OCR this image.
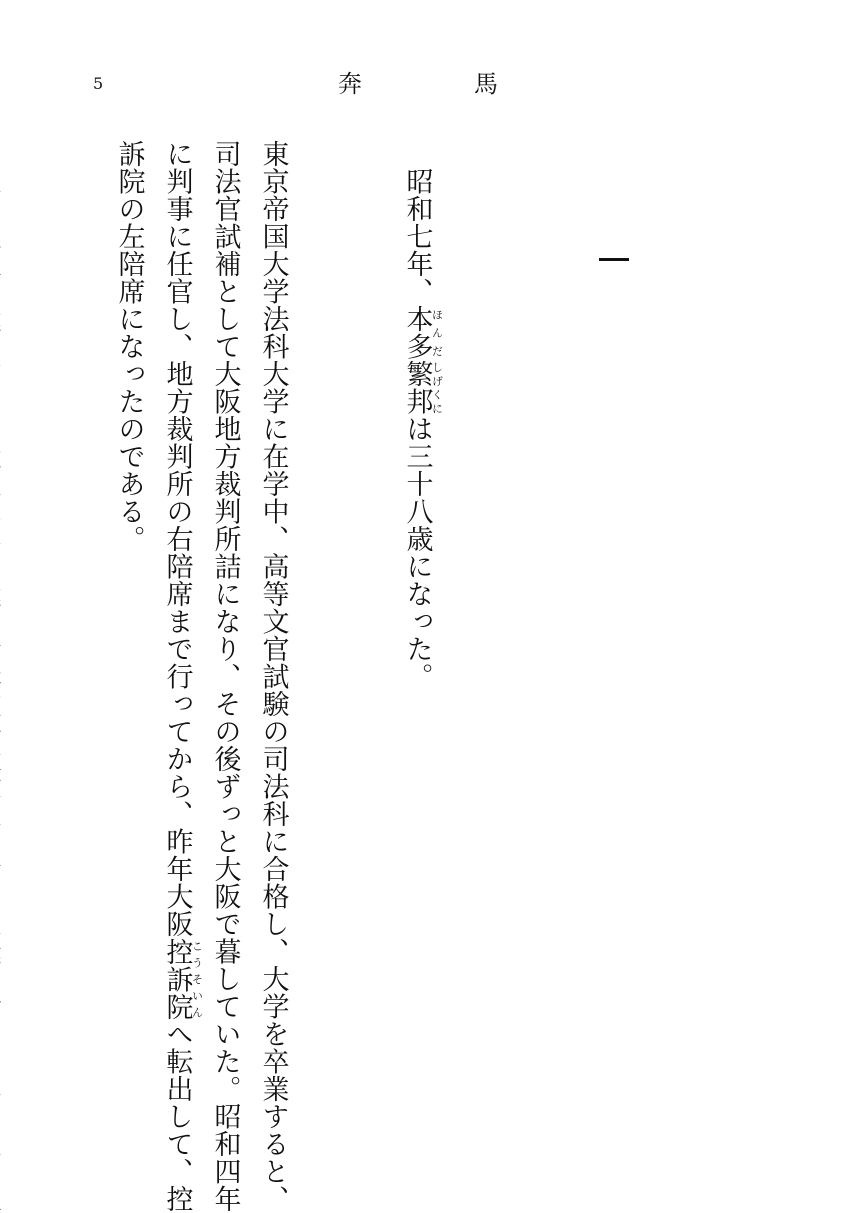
5	奔	馬

　昭和七年、本多ほんだ繁邦しげくには三十八歳になった。

東京帝国大学法科大学に在学中、高等文官試験の司法科に合格し、大学を卒業すると、
司法官試補として大阪地方裁判所詰になり、その後ずっと大阪で暮していた。昭和四年
に判事に任官し、地方裁判所の右陪席まで行ってから、昨年大阪控訴院こうそいんへ転出して、控
訴院の左陪席になったのである。
